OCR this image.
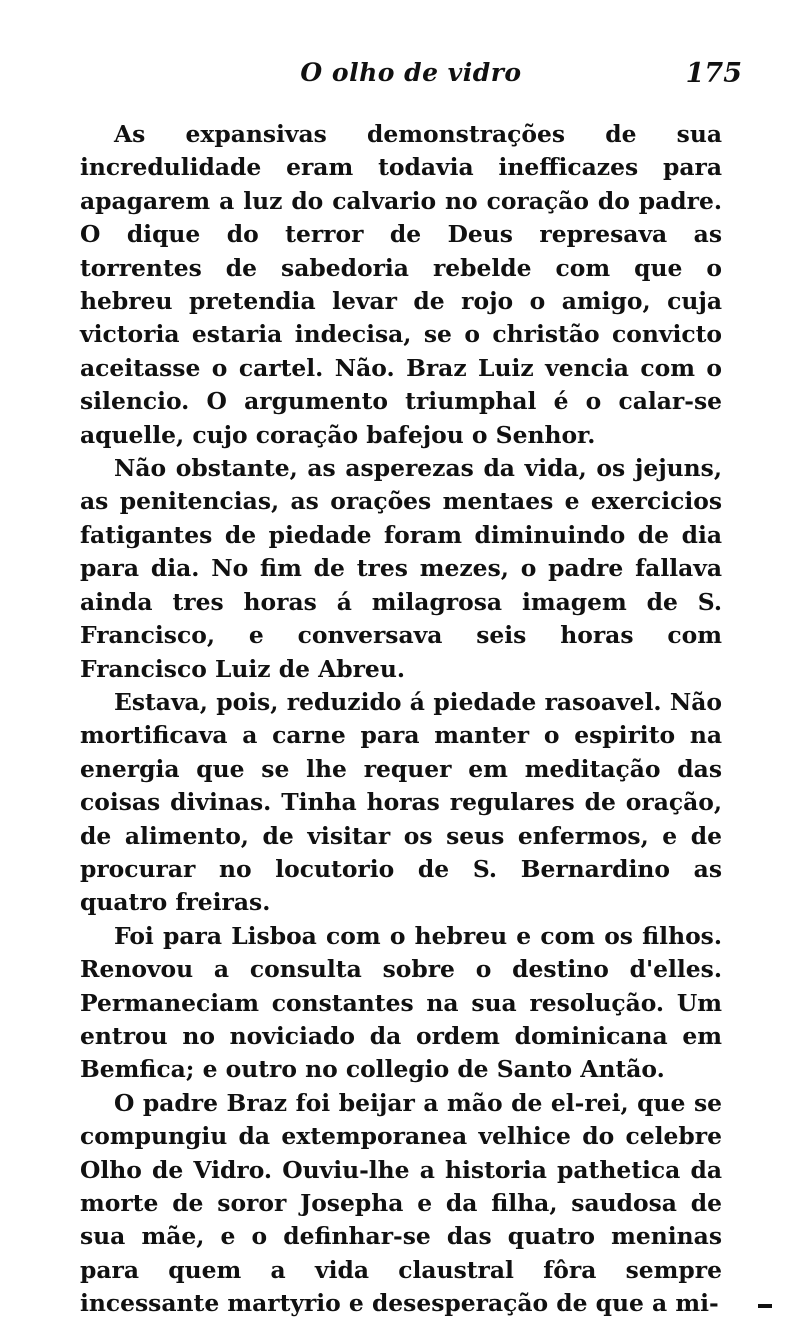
O olho de vidro	175

As expansivas demonstrações de sua incredulidade eram todavia inefficazes para apagarem a luz do calvario no coração do padre. O dique do terror de Deus represava as torrentes de sabedoria rebelde com que o hebreu pretendia levar de rojo o amigo, cuja victoria estaria indecisa, se o christão convicto aceitasse o cartel. Não. Braz Luiz vencia com o silencio. O argumento triumphal é o calar-se aquelle, cujo coração bafejou o Senhor.

Não obstante, as asperezas da vida, os jejuns, as penitencias, as orações mentaes e exercicios fatigantes de piedade foram diminuindo de dia para dia. No fim de tres mezes, o padre fallava ainda tres horas á milagrosa imagem de S. Francisco, e conversava seis horas com Francisco Luiz de Abreu.

Estava, pois, reduzido á piedade rasoavel. Não mortificava a carne para manter o espirito na energia que se lhe requer em meditação das coisas divinas. Tinha horas regulares de oração, de alimento, de visitar os seus enfermos, e de procurar no locutorio de S. Bernardino as quatro freiras.

Foi para Lisboa com o hebreu e com os filhos. Renovou a consulta sobre o destino d'elles. Permaneciam constantes na sua resolução. Um entrou no noviciado da ordem dominicana em Bemfica; e outro no collegio de Santo Antão.

O padre Braz foi beijar a mão de el-rei, que se compungiu da extemporanea velhice do celebre Olho de Vidro. Ouviu-lhe a historia pathetica da morte de soror Josepha e da filha, saudosa de sua mãe, e o definhar-se das quatro meninas para quem a vida claustral fôra sempre incessante martyrio e desesperação de que a mi-
